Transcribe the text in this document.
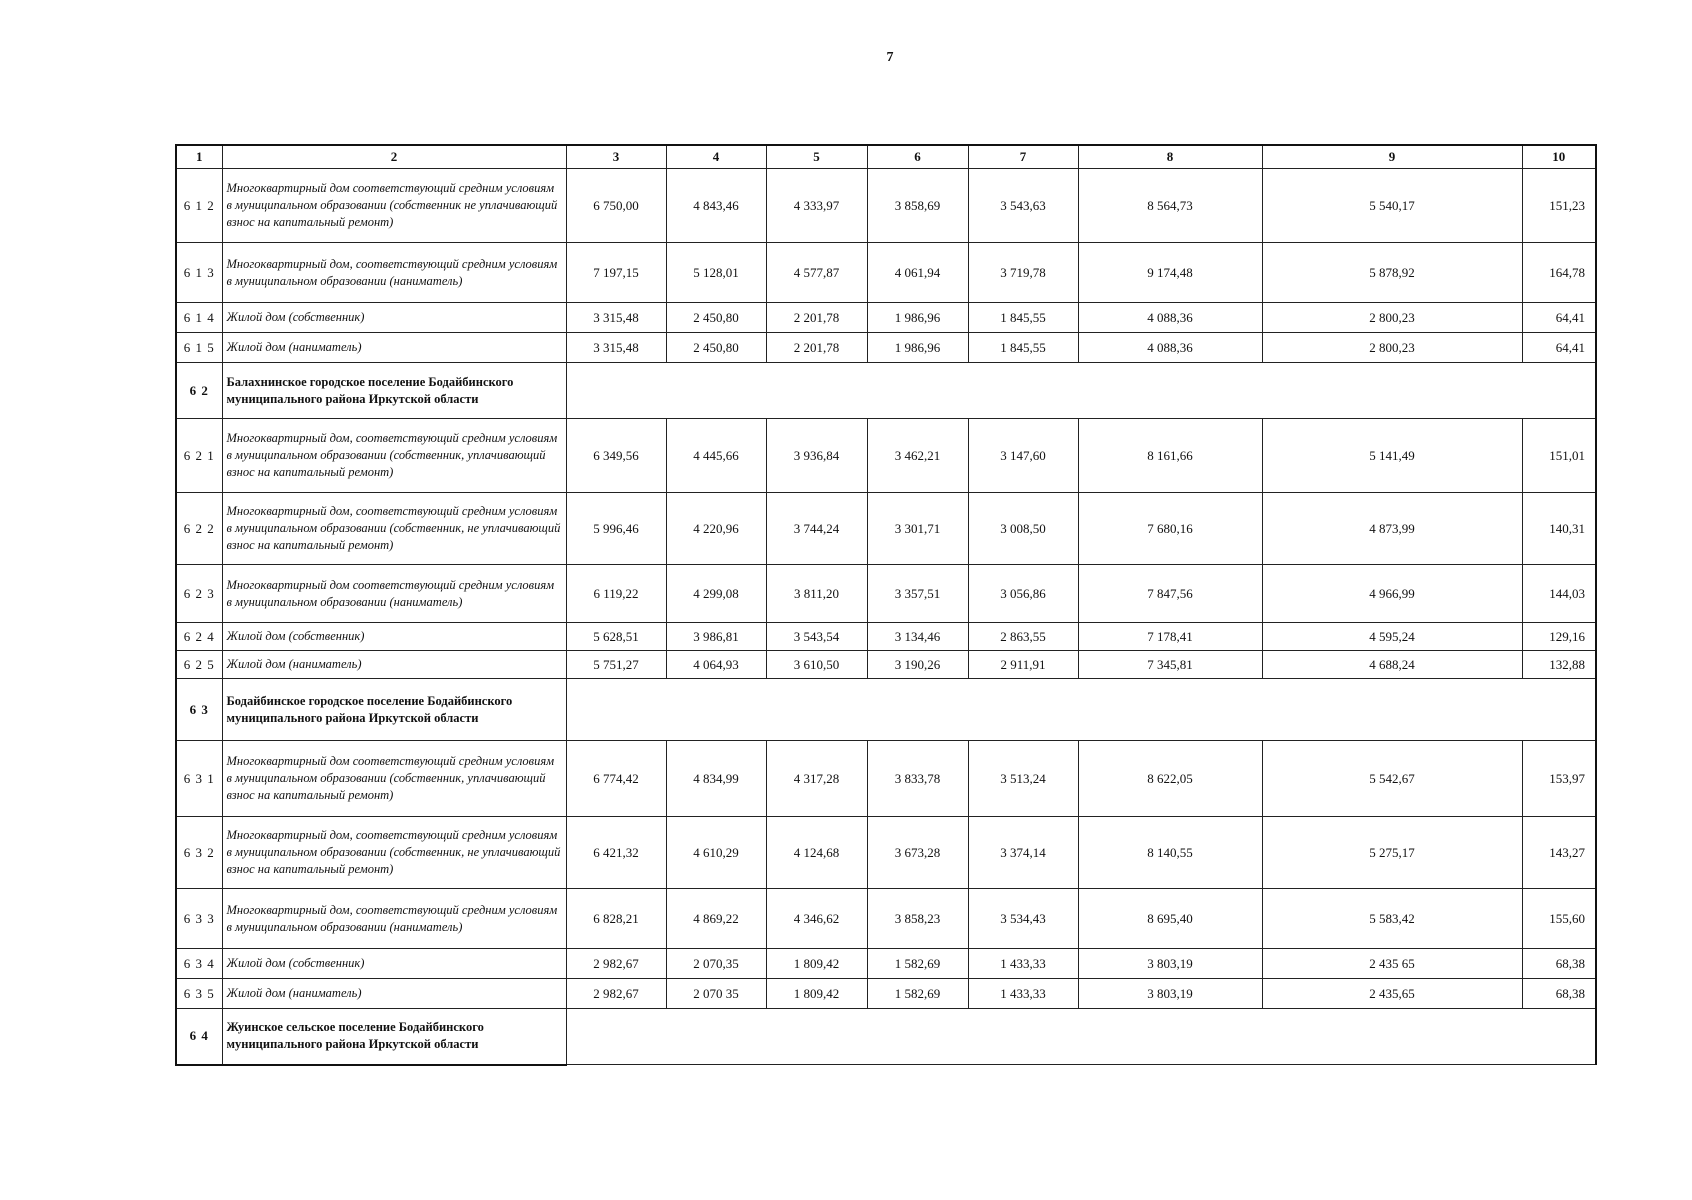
7
1	2	3	4	5	6	7	8	9	10
6 1 2	Многоквартирный дом соответствующий средним условиям в муниципальном образовании (собственник не уплачивающий взнос на капитальный ремонт)	6 750,00	4 843,46	4 333,97	3 858,69	3 543,63	8 564,73	5 540,17	151,23
6 1 3	Многоквартирный дом, соответствующий средним условиям в муниципальном образовании (наниматель)	7 197,15	5 128,01	4 577,87	4 061,94	3 719,78	9 174,48	5 878,92	164,78
6 1 4	Жилой дом (собственник)	3 315,48	2 450,80	2 201,78	1 986,96	1 845,55	4 088,36	2 800,23	64,41
6 1 5	Жилой дом (наниматель)	3 315,48	2 450,80	2 201,78	1 986,96	1 845,55	4 088,36	2 800,23	64,41
6 2	Балахнинское городское поселение Бодайбинского муниципального района Иркутской области								
6 2 1	Многоквартирный дом, соответствующий средним условиям в муниципальном образовании (собственник, уплачивающий взнос на капитальный ремонт)	6 349,56	4 445,66	3 936,84	3 462,21	3 147,60	8 161,66	5 141,49	151,01
6 2 2	Многоквартирный дом, соответствующий средним условиям в муниципальном образовании (собственник, не уплачивающий взнос на капитальный ремонт)	5 996,46	4 220,96	3 744,24	3 301,71	3 008,50	7 680,16	4 873,99	140,31
6 2 3	Многоквартирный дом соответствующий средним условиям в муниципальном образовании (наниматель)	6 119,22	4 299,08	3 811,20	3 357,51	3 056,86	7 847,56	4 966,99	144,03
6 2 4	Жилой дом (собственник)	5 628,51	3 986,81	3 543,54	3 134,46	2 863,55	7 178,41	4 595,24	129,16
6 2 5	Жилой дом (наниматель)	5 751,27	4 064,93	3 610,50	3 190,26	2 911,91	7 345,81	4 688,24	132,88
6 3	Бодайбинское городское поселение Бодайбинского муниципального района Иркутской области								
6 3 1	Многоквартирный дом соответствующий средним условиям в муниципальном образовании (собственник, уплачивающий взнос на капитальный ремонт)	6 774,42	4 834,99	4 317,28	3 833,78	3 513,24	8 622,05	5 542,67	153,97
6 3 2	Многоквартирный дом, соответствующий средним условиям в муниципальном образовании (собственник, не уплачивающий взнос на капитальный ремонт)	6 421,32	4 610,29	4 124,68	3 673,28	3 374,14	8 140,55	5 275,17	143,27
6 3 3	Многоквартирный дом, соответствующий средним условиям в муниципальном образовании (наниматель)	6 828,21	4 869,22	4 346,62	3 858,23	3 534,43	8 695,40	5 583,42	155,60
6 3 4	Жилой дом (собственник)	2 982,67	2 070,35	1 809,42	1 582,69	1 433,33	3 803,19	2 435 65	68,38
6 3 5	Жилой дом (наниматель)	2 982,67	2 070 35	1 809,42	1 582,69	1 433,33	3 803,19	2 435,65	68,38
6 4	Жуинское сельское поселение Бодайбинского муниципального района Иркутской области								
